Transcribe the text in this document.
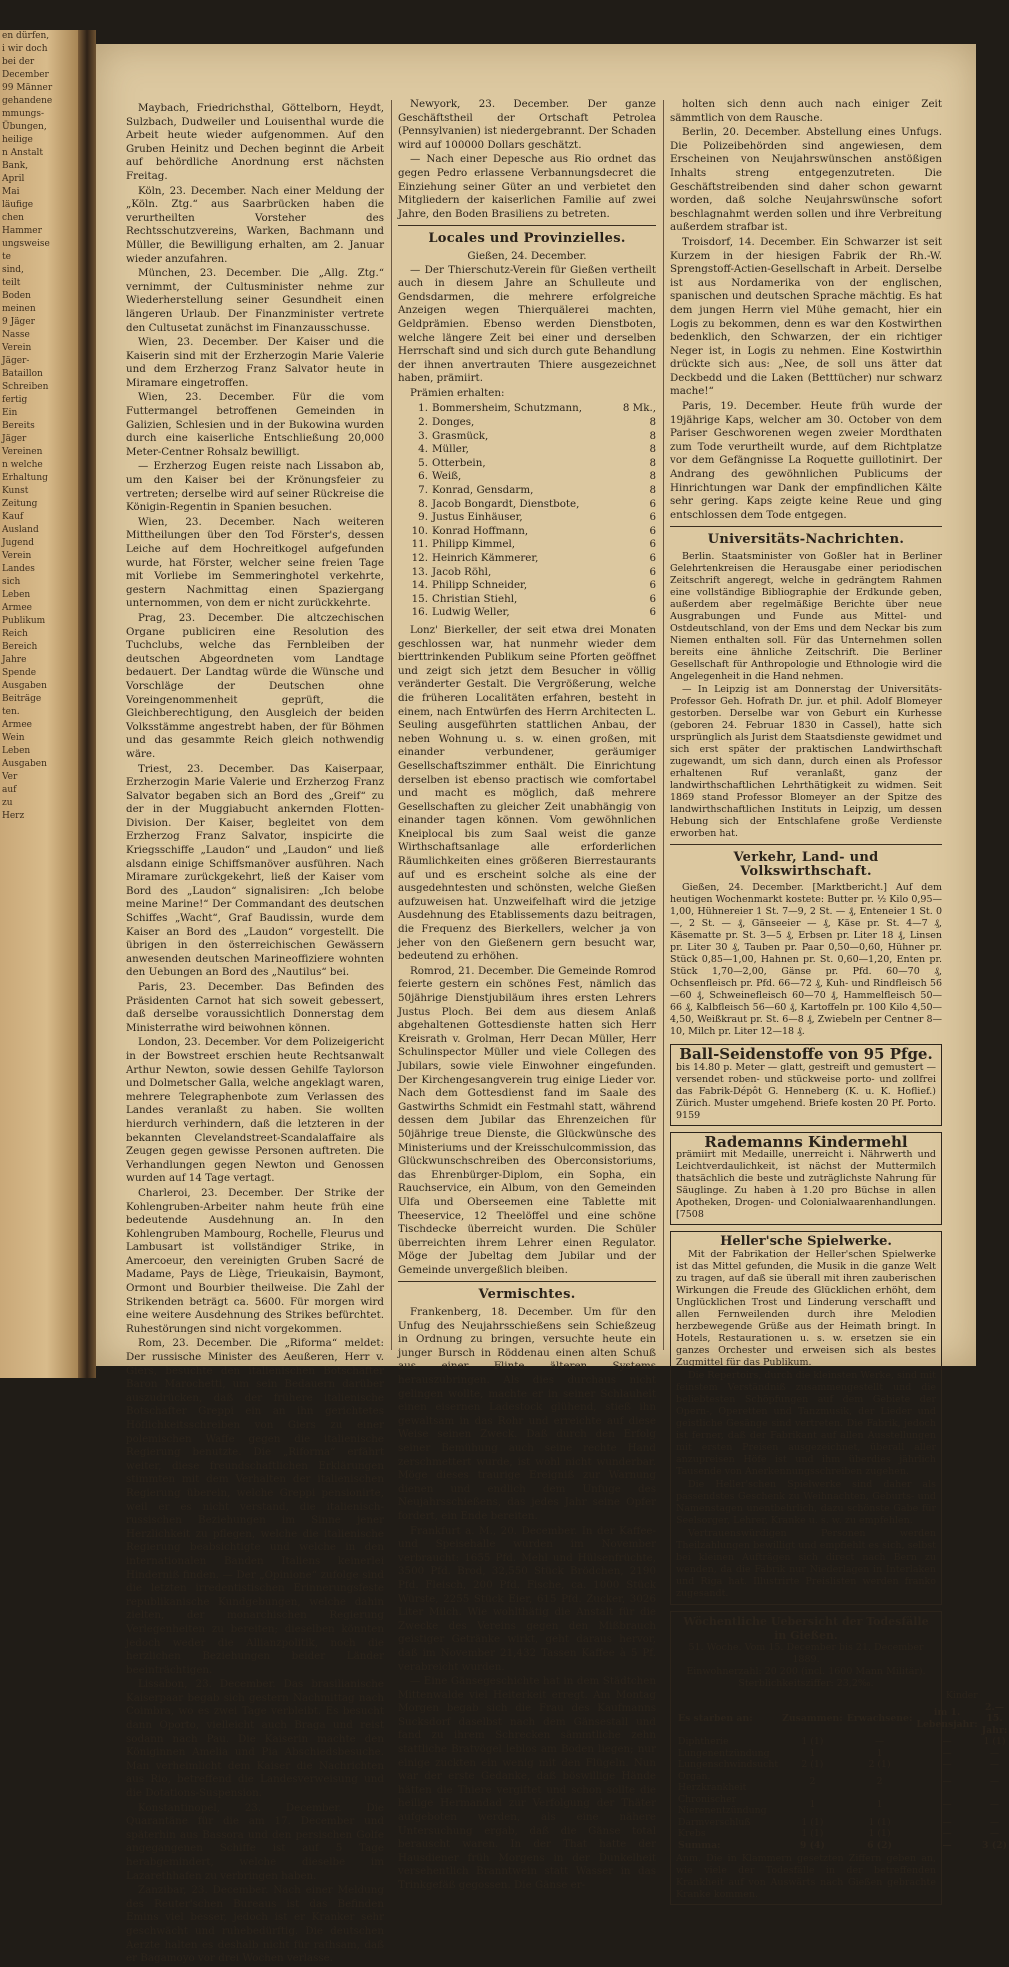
en dürfen,
i wir doch
bei der
December
99 Männer
gehandene
mmungs-
Übungen,
heilige
n Anstalt
Bank,
April
Mai
läufige
chen
Hammer
ungsweise
te
sind,
teilt
Boden
meinen
9 Jäger
Nasse
Verein
Jäger-
Bataillon
Schreiben
fertig
Ein
Bereits
Jäger
Vereinen
n welche
Erhaltung
Kunst
Zeitung
Kauf
Ausland
Jugend
Verein
Landes
sich
Leben
Armee
Publikum
Reich
Bereich
Jahre
Spende
Ausgaben
Beiträge
ten.
Armee
Wein
Leben
Ausgaben
Ver
auf
zu
Herz

Maybach, Friedrichsthal, Göttelborn, Heydt, Sulzbach, Dudweiler und Louisenthal wurde die Arbeit heute wieder aufgenommen. Auf den Gruben Heinitz und Dechen beginnt die Arbeit auf behördliche Anordnung erst nächsten Freitag.

Köln, 23. December. Nach einer Meldung der „Köln. Ztg.“ aus Saarbrücken haben die verurtheilten Vorsteher des Rechtsschutzvereins, Warken, Bachmann und Müller, die Bewilligung erhalten, am 2. Januar wieder anzufahren.

München, 23. December. Die „Allg. Ztg.“ vernimmt, der Cultusminister nehme zur Wiederherstellung seiner Gesundheit einen längeren Urlaub. Der Finanzminister vertrete den Cultusetat zunächst im Finanzausschusse.

Wien, 23. December. Der Kaiser und die Kaiserin sind mit der Erzherzogin Marie Valerie und dem Erzherzog Franz Salvator heute in Miramare eingetroffen.

Wien, 23. December. Für die vom Futtermangel betroffenen Gemeinden in Galizien, Schlesien und in der Bukowina wurden durch eine kaiserliche Entschließung 20,000 Meter-Centner Rohsalz bewilligt.

— Erzherzog Eugen reiste nach Lissabon ab, um den Kaiser bei der Krönungsfeier zu vertreten; derselbe wird auf seiner Rückreise die Königin-Regentin in Spanien besuchen.

Wien, 23. December. Nach weiteren Mittheilungen über den Tod Förster's, dessen Leiche auf dem Hochreitkogel aufgefunden wurde, hat Förster, welcher seine freien Tage mit Vorliebe im Semmeringhotel verkehrte, gestern Nachmittag einen Spaziergang unternommen, von dem er nicht zurückkehrte.

Prag, 23. December. Die altczechischen Organe publiciren eine Resolution des Tuchclubs, welche das Fernbleiben der deutschen Abgeordneten vom Landtage bedauert. Der Landtag würde die Wünsche und Vorschläge der Deutschen ohne Voreingenommenheit geprüft, die Gleichberechtigung, den Ausgleich der beiden Volksstämme angestrebt haben, der für Böhmen und das gesammte Reich gleich nothwendig wäre.

Triest, 23. December. Das Kaiserpaar, Erzherzogin Marie Valerie und Erzherzog Franz Salvator begaben sich an Bord des „Greif“ zu der in der Muggiabucht ankernden Flotten-Division. Der Kaiser, begleitet von dem Erzherzog Franz Salvator, inspicirte die Kriegsschiffe „Laudon“ und „Laudon“ und ließ alsdann einige Schiffsmanöver ausführen. Nach Miramare zurückgekehrt, ließ der Kaiser vom Bord des „Laudon“ signalisiren: „Ich belobe meine Marine!“ Der Commandant des deutschen Schiffes „Wacht“, Graf Baudissin, wurde dem Kaiser an Bord des „Laudon“ vorgestellt. Die übrigen in den österreichischen Gewässern anwesenden deutschen Marineoffiziere wohnten den Uebungen an Bord des „Nautilus“ bei.

Paris, 23. December. Das Befinden des Präsidenten Carnot hat sich soweit gebessert, daß derselbe voraussichtlich Donnerstag dem Ministerrathe wird beiwohnen können.

London, 23. December. Vor dem Polizeigericht in der Bowstreet erschien heute Rechtsanwalt Arthur Newton, sowie dessen Gehilfe Taylorson und Dolmetscher Galla, welche angeklagt waren, mehrere Telegraphenbote zum Verlassen des Landes veranlaßt zu haben. Sie wollten hierdurch verhindern, daß die letzteren in der bekannten Clevelandstreet-Scandalaffaire als Zeugen gegen gewisse Personen auftreten. Die Verhandlungen gegen Newton und Genossen wurden auf 14 Tage vertagt.

Charleroi, 23. December. Der Strike der Kohlengruben-Arbeiter nahm heute früh eine bedeutende Ausdehnung an. In den Kohlengruben Mambourg, Rochelle, Fleurus und Lambusart ist vollständiger Strike, in Amercoeur, den vereinigten Gruben Sacré de Madame, Pays de Liège, Trieukaisin, Baymont, Ormont und Bourbier theilweise. Die Zahl der Strikenden beträgt ca. 5600. Für morgen wird eine weitere Ausdehnung des Strikes befürchtet. Ruhestörungen sind nicht vorgekommen.

Rom, 23. December. Die „Riforma“ meldet: Der russische Minister des Aeußeren, Herr v. Giers, besuchte den italienischen Botschafter Baron Marochetti, um sein Bedauern darüber auszudrücken, daß der frühere italienische Botschafter Greppi ein an ihn gerichtetes Höflichkeitsschreiben von Giers zu einer polemischen Waffe gegen die italienische Regierung benutzte. Die „Riforma“ erfährt weiter, diese freundschaftlichen Erklärungen stimmten mit dem Verhalten der italienischen Regierung überein, welche Greppi pensionirte, weil er es nicht verstand, die italienisch-russischen Beziehungen im Sinne jener Herzlichkeit zu pflegen, welche die italienische Regierung beabsichtigte und welche in den internationalen Banden Italiens keinerlei Hinderniß finden. — Der „Opinione“ zufolge sind die letzten irredentistischen Erinnerungsfeste republikanische Kundgebungen, welche dahin zielten, der monarchischen Regierung Verlegenheiten zu bereiten; dieselben könnten jedoch weder die Allianzpolitik, noch die herzlichen Beziehungen beider Länder beeinträchtigen.

Lissabon, 23. December. Das brasilianische Kaiserpaar begab sich gestern Nachmittag nach Coimbra, wo es zwei Tage verbleibt. Es besucht dann Oporto, vielleicht auch Braga und reist sodann nach Pau. Die Kaiserin machte den Königinnen Amelia und Pia Abschiedsbesuche. Man verheimlicht dem Kaiser die Nachrichten aus Rio, betreffend die Landesverweisung und die Dotations-Suspension.

Konstantinopel, 23. December. Die Quarantäne für die am 17. December und späterhin aus Bassora und den persischen Golfe angegangenen Schiffe ist auf 5 Tage herabgemindert, welche dieselbe im Lazarethhafen zu verbringen haben.

Zanzibar, 23. December. Nach einer Meldung des Reuter'schen Bureaus ist das Befinden Emins viel besser, jedoch ist er Kranker sehr geschwächt und ruhebedürftig. Die deutschen Aerzte halten es deshalb nicht für rathsam, daß er Bagamoyo vor drei Wochen verlasse.

Newyork, 23. December. Der ganze Geschäftstheil der Ortschaft Petrolea (Pennsylvanien) ist niedergebrannt. Der Schaden wird auf 100000 Dollars geschätzt.

— Nach einer Depesche aus Rio ordnet das gegen Pedro erlassene Verbannungsdecret die Einziehung seiner Güter an und verbietet den Mitgliedern der kaiserlichen Familie auf zwei Jahre, den Boden Brasiliens zu betreten.

Locales und Provinzielles.
Gießen, 24. December.

— Der Thierschutz-Verein für Gießen vertheilt auch in diesem Jahre an Schulleute und Gendsdarmen, die mehrere erfolgreiche Anzeigen wegen Thierquälerei machten, Geldprämien. Ebenso werden Dienstboten, welche längere Zeit bei einer und derselben Herrschaft sind und sich durch gute Behandlung der ihnen anvertrauten Thiere ausgezeichnet haben, prämiirt.

Prämien erhalten:

1. Bommersheim, Schutzmann,	8 Mk.,
2. Donges,	8
3. Grasmück,	8
4. Müller,	8
5. Otterbein,	8
6. Weiß,	8
7. Konrad, Gensdarm,	8
8. Jacob Bongardt, Dienstbote,	6
9. Justus Einhäuser,	6
10. Konrad Hoffmann,	6
11. Philipp Kimmel,	6
12. Heinrich Kämmerer,	6
13. Jacob Röhl,	6
14. Philipp Schneider,	6
15. Christian Stiehl,	6
16. Ludwig Weller,	6

Lonz' Bierkeller, der seit etwa drei Monaten geschlossen war, hat nunmehr wieder dem bierttrinkenden Publikum seine Pforten geöffnet und zeigt sich jetzt dem Besucher in völlig veränderter Gestalt. Die Vergrößerung, welche die früheren Localitäten erfahren, besteht in einem, nach Entwürfen des Herrn Architecten L. Seuling ausgeführten stattlichen Anbau, der neben Wohnung u. s. w. einen großen, mit einander verbundener, geräumiger Gesellschaftszimmer enthält. Die Einrichtung derselben ist ebenso practisch wie comfortabel und macht es möglich, daß mehrere Gesellschaften zu gleicher Zeit unabhängig von einander tagen können. Vom gewöhnlichen Kneiplocal bis zum Saal weist die ganze Wirthschaftsanlage alle erforderlichen Räumlichkeiten eines größeren Bierrestaurants auf und es erscheint solche als eine der ausgedehntesten und schönsten, welche Gießen aufzuweisen hat. Unzweifelhaft wird die jetzige Ausdehnung des Etablissements dazu beitragen, die Frequenz des Bierkellers, welcher ja von jeher von den Gießenern gern besucht war, bedeutend zu erhöhen.

Romrod, 21. December. Die Gemeinde Romrod feierte gestern ein schönes Fest, nämlich das 50jährige Dienstjubiläum ihres ersten Lehrers Justus Ploch. Bei dem aus diesem Anlaß abgehaltenen Gottesdienste hatten sich Herr Kreisrath v. Grolman, Herr Decan Müller, Herr Schulinspector Müller und viele Collegen des Jubilars, sowie viele Einwohner eingefunden. Der Kirchengesangverein trug einige Lieder vor. Nach dem Gottesdienst fand im Saale des Gastwirths Schmidt ein Festmahl statt, während dessen dem Jubilar das Ehrenzeichen für 50jährige treue Dienste, die Glückwünsche des Ministeriums und der Kreisschulcommission, das Glückwunschschreiben des Oberconsistoriums, das Ehrenbürger-Diplom, ein Sopha, ein Rauchservice, ein Album, von den Gemeinden Ulfa und Oberseemen eine Tablette mit Theeservice, 12 Theelöffel und eine schöne Tischdecke überreicht wurden. Die Schüler überreichten ihrem Lehrer einen Regulator. Möge der Jubeltag dem Jubilar und der Gemeinde unvergeßlich bleiben.

Vermischtes.

Frankenberg, 18. December. Um für den Unfug des Neujahrsschießens sein Schießzeug in Ordnung zu bringen, versuchte heute ein junger Bursch in Röddenau einen alten Schuß aus einer Flinte älteren Systems herauszubringen. Als dies durchaus nicht gelingen wollte, machte er in seiner Schlauheit einen eisernen Ladestock glühend, stieß ihn gewaltsam in das Rohr und erreichte auf diese Weise seinen Zweck. Daß durch den Erfolg seiner Bemühung auch seine rechte Hand zerschmettert wurde, ist wohl nicht wunderbar. Möge dieses traurige Ereigniß zur Warnung dienen und endlich dem Unfuge des Neujahrsschießens, das jedes Jahr seine Opfer fordert, ein Ende bereiten.

Frankfurt a. M., 20. December. In der Kaffee- und Speisehalle wurden im November verbraucht: 1655 Pfd. Mehl und Hülsenfrüchte, 3500 Pfd. Brod, 32,550 Stück Brödchen, 2190 Pfd. Fleisch, 200 Pfd. Fische, ca. 1000 Stück Würste, 2255 Stück Eier, 615 Pfd. Zucker, 3026 Liter Milch. Wie wohlthätig die Anstalt für die Zwecke des Vereins gegen den Mißbrauch geistiger Getränke wirkt, geht daraus hervor, daß im November 21,432 Tassen Kaffee à 5 Pf. verabreicht wurden.

— Eine Gänsegeschichte hat in dem Städtchen Mittenwalde viel Heiterkeit erregt. Am Montag Morgen begab sich die Frau des Kaufmanns Sucksdorf daselbst nach dem Gänsestall und fand zu ihrem Schrecken sämmtliche zehn stattliche Bratvögel leblos am Boden liegen; nur einige zuckten ein wenig mit den Flügeln. Nun war der erste Gedanke, daß böswillige Hände hätten die Thiere vergiftet und schon sollte die heilige Hermandad zur Verfolgung der Thäter aufgeboten werden, als eine nähere Untersuchung ergab, daß die Gänse total berauscht waren. In der That hatte der Hausdiener früh Morgens in der Dunkelheit versehentlich Branntwein statt Wasser in das Trinkgefäß gegossen. Die Gänse er-

holten sich denn auch nach einiger Zeit sämmtlich von dem Rausche.

Berlin, 20. December. Abstellung eines Unfugs. Die Polizeibehörden sind angewiesen, dem Erscheinen von Neujahrswünschen anstößigen Inhalts streng entgegenzutreten. Die Geschäftstreibenden sind daher schon gewarnt worden, daß solche Neujahrswünsche sofort beschlagnahmt werden sollen und ihre Verbreitung außerdem strafbar ist.

Troisdorf, 14. December. Ein Schwarzer ist seit Kurzem in der hiesigen Fabrik der Rh.-W. Sprengstoff-Actien-Gesellschaft in Arbeit. Derselbe ist aus Nordamerika von der englischen, spanischen und deutschen Sprache mächtig. Es hat dem jungen Herrn viel Mühe gemacht, hier ein Logis zu bekommen, denn es war den Kostwirthen bedenklich, den Schwarzen, der ein richtiger Neger ist, in Logis zu nehmen. Eine Kostwirthin drückte sich aus: „Nee, de soll uns ätter dat Deckbedd und die Laken (Betttücher) nur schwarz mache!“

Paris, 19. December. Heute früh wurde der 19jährige Kaps, welcher am 30. October von dem Pariser Geschworenen wegen zweier Mordthaten zum Tode verurtheilt wurde, auf dem Richtplatze vor dem Gefängnisse La Roquette guillotinirt. Der Andrang des gewöhnlichen Publicums der Hinrichtungen war Dank der empfindlichen Kälte sehr gering. Kaps zeigte keine Reue und ging entschlossen dem Tode entgegen.

Universitäts-Nachrichten.

Berlin. Staatsminister von Goßler hat in Berliner Gelehrtenkreisen die Herausgabe einer periodischen Zeitschrift angeregt, welche in gedrängtem Rahmen eine vollständige Bibliographie der Erdkunde geben, außerdem aber regelmäßige Berichte über neue Ausgrabungen und Funde aus Mittel- und Ostdeutschland, von der Ems und dem Neckar bis zum Niemen enthalten soll. Für das Unternehmen sollen bereits eine ähnliche Zeitschrift. Die Berliner Gesellschaft für Anthropologie und Ethnologie wird die Angelegenheit in die Hand nehmen.

— In Leipzig ist am Donnerstag der Universitäts-Professor Geh. Hofrath Dr. jur. et phil. Adolf Blomeyer gestorben. Derselbe war von Geburt ein Kurhesse (geboren 24. Februar 1830 in Cassel), hatte sich ursprünglich als Jurist dem Staatsdienste gewidmet und sich erst später der praktischen Landwirthschaft zugewandt, um sich dann, durch einen als Professor erhaltenen Ruf veranlaßt, ganz der landwirthschaftlichen Lehrthätigkeit zu widmen. Seit 1869 stand Professor Blomeyer an der Spitze des landwirthschaftlichen Instituts in Leipzig, um dessen Hebung sich der Entschlafene große Verdienste erworben hat.

Verkehr, Land- und Volkswirthschaft.

Gießen, 24. December. [Marktbericht.] Auf dem heutigen Wochenmarkt kostete: Butter pr. ½ Kilo 0,95—1,00, Hühnereier 1 St. 7—9, 2 St. — ₰, Enteneier 1 St. 0—, 2 St. — ₰, Gänseeier — ₰, Käse pr. St. 4—7 ₰, Käsematte pr. St. 3—5 ₰, Erbsen pr. Liter 18 ₰, Linsen pr. Liter 30 ₰, Tauben pr. Paar 0,50—0,60, Hühner pr. Stück 0,85—1,00, Hahnen pr. St. 0,60—1,20, Enten pr. Stück 1,70—2,00, Gänse pr. Pfd. 60—70 ₰, Ochsenfleisch pr. Pfd. 66—72 ₰, Kuh- und Rindfleisch 56—60 ₰, Schweinefleisch 60—70 ₰, Hammelfleisch 50—66 ₰, Kalbfleisch 56—60 ₰, Kartoffeln pr. 100 Kilo 4,50—4,50, Weißkraut pr. St. 6—8 ₰, Zwiebeln per Centner 8—10, Milch pr. Liter 12—18 ₰.

Ball-Seidenstoffe von 95 Pfge.
bis 14.80 p. Meter — glatt, gestreift und gemustert — versendet roben- und stückweise porto- und zollfrei das Fabrik-Dépôt G. Henneberg (K. u. K. Hoflief.) Zürich. Muster umgehend. Briefe kosten 20 Pf. Porto. 9159
Rademanns Kindermehl
prämiirt mit Medaille, unerreicht i. Nährwerth und Leichtverdaulichkeit, ist nächst der Muttermilch thatsächlich die beste und zuträglichste Nahrung für Säuglinge. Zu haben à 1.20 pro Büchse in allen Apotheken, Drogen- und Colonialwaarenhandlungen. [7508
Heller'sche Spielwerke.

Mit der Fabrikation der Heller'schen Spielwerke ist das Mittel gefunden, die Musik in die ganze Welt zu tragen, auf daß sie überall mit ihren zauberischen Wirkungen die Freude des Glücklichen erhöht, dem Unglücklichen Trost und Linderung verschafft und allen Fernweilenden durch ihre Melodien herzbewegende Grüße aus der Heimath bringt. In Hotels, Restaurationen u. s. w. ersetzen sie ein ganzes Orchester und erweisen sich als bestes Zugmittel für das Publikum.

Die Repertoirs, durch die kleinsten Werke, sind mit feinstem Verständniß zusammengestellt und die beliebtesten Schöpfungen auf dem Gebiete der Opern-, Operetten und Tanzmusik, der Lieder und geistliche Gesänge sind vertreten. Die Fabrik, jedoch ist ferner, daß der Fabrikant auf allen Ausstellungen mit ersten Preisen ausgezeichnet, überall aller anzupreisen Höfe ist und ihm überdies jährlich Tausende von Anerkennungsschreiben zugehen.

Die Heller'schen Spielwerke sind daher als passendstes Geschenk zu Weihnachten, Geburts- und Namenstagen unentbehrlich, dazu schönste Gabe für Seelsorger, Lehrer, Kranke u. s. w. zu empfehlen.

Vertrauenswürdigen Personen werden Theilzahlungen bewilligt und empfiehlt es sich, selbst bei kleinen Aufträgen sich direct nach Bern zu wenden, da die Fabrik nur Niederlagen in Interlaken und Riga hat. Illustrirte Preislisten werden franko zugesandt.

Wöchentliche Uebersicht der Todesfälle in Gießen.
51. Woche. Vom 15. December bis 21. December 1889.
Einwohnerzahl: 20 200 (incl. 1600 Mann Militär).
Sterblichkeitsziffer: 23,2‰.
			Kinder	
Es starben an:	Zusammen:	Erwachsene:	im 1. Lebensjahr:	2.—15. Jahr:
Diphtherie	1 (1)	—	—	1 (1)
Lungenentzündung	1	1	—	—
Lungenschwindsucht	2 (1)	2 (1)	—	—
Organ. Herzkrankheit	2	2	—	—
Chronischer Nierenentzündung	1	1	—	—
Darmverschluß	1 (1)	1 (1)	—	—
Krebs	1 (1)	1 (1)	—	—
Summa:	9 (4)	6 (2)	—	3 (2)
Anm. Die in Klammern gesetzten Ziffern geben an, wie viele der Todesfälle in der betreffenden Krankheit auf von Auswärts nach Gießen gebrachte Kranke kommen.
